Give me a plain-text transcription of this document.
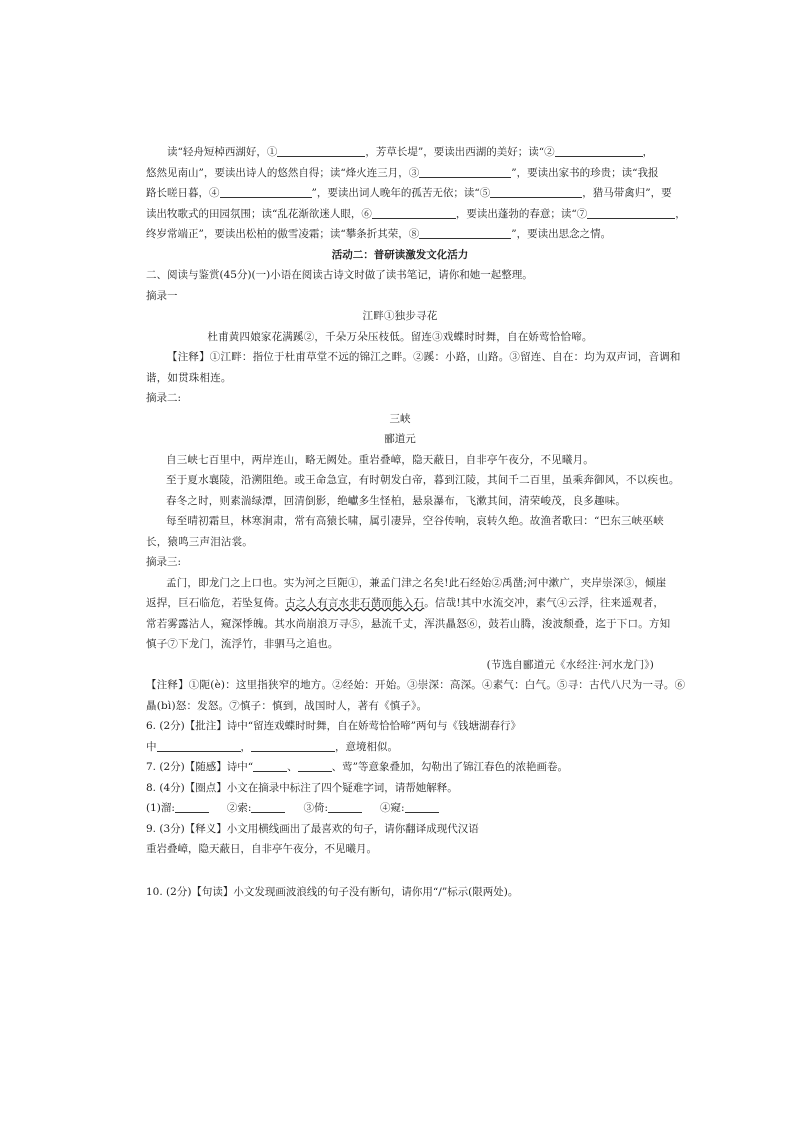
读“轻舟短棹西湖好，①	，芳草长堤”，要读出西湖的美好；读“②	，

悠然见南山”，要读出诗人的悠然自得；读“烽火连三月，③	”，要读出家书的珍贵；读“我报

路长嗟日暮，④	”，要读出词人晚年的孤苦无依；读“⑤	，猎马带禽归”，要

读出牧歌式的田园氛围；读“乱花渐欲迷人眼，⑥	，要读出蓬勃的春意；读“⑦	，

终岁常端正”，要读出松柏的傲雪凌霜；读“攀条折其荣，⑧	”，要读出思念之情。

活动二：普研读激发文化活力

二、阅读与鉴赏(45分)(一)小语在阅读古诗文时做了读书笔记，请你和她一起整理。

摘录一

江畔①独步寻花

杜甫黄四娘家花满蹊②，千朵万朵压枝低。留连③戏蝶时时舞，自在娇莺恰恰啼。

【注释】①江畔：指位于杜甫草堂不远的锦江之畔。②蹊：小路，山路。③留连、自在：均为双声词，音调和

谐，如贯珠相连。

摘录二:

三峡

郦道元

自三峡七百里中，两岸连山，略无阙处。重岩叠嶂，隐天蔽日，自非亭午夜分，不见曦月。

至于夏水襄陵，沿溯阻绝。或王命急宣，有时朝发白帝，暮到江陵，其间千二百里，虽乘奔御风，不以疾也。

春冬之时，则素湍绿潭，回清倒影，绝巘多生怪柏，悬泉瀑布，飞漱其间，清荣峻茂，良多趣味。

每至晴初霜旦，林寒涧肃，常有高猿长啸，属引凄异，空谷传响，哀转久绝。故渔者歌曰：“巴东三峡巫峡

长，猿鸣三声泪沾裳。

摘录三:

孟门，即龙门之上口也。实为河之巨阨①，兼孟门津之名矣!此石经始②禹凿;河中漱广，夹岸崇深③，倾崖

返捍，巨石临危，若坠复倚。古之人有言水非石凿而能入石。信哉!其中水流交冲，素气④云浮，往来遥观者，

常若雾露沾人，窥深悸魄。其水尚崩浪万寻⑤，悬流千丈，浑洪贔怒⑥，鼓若山腾，浚波颓叠，迄于下口。方知

慎子⑦下龙门，流浮竹，非驷马之追也。

(节选自郦道元《水经注·河水龙门》)

【注释】①阨(è)：这里指狭窄的地方。②经始：开始。③崇深：高深。④素气：白气。⑤寻：古代八尺为一寻。⑥

贔(bì)怒：发怒。⑦慎子：慎到，战国时人，著有《慎子》。

6. (2分)【批注】诗中“留连戏蝶时时舞，自在娇莺恰恰啼”两句与《钱塘湖春行》

中	，	，意境相似。

7. (2分)【随感】诗中“	、	、莺”等意象叠加，勾勒出了锦江春色的浓艳画卷。

8. (4分)【圈点】小文在摘录中标注了四个疑难字词，请帮她解释。

(1)溜:	②索:	③倚:	④窥:

9. (3分)【释义】小文用横线画出了最喜欢的句子，请你翻译成现代汉语

重岩叠嶂，隐天蔽日，自非亭午夜分，不见曦月。

10. (2分)【句读】小文发现画波浪线的句子没有断句，请你用“/”标示(限两处)。
